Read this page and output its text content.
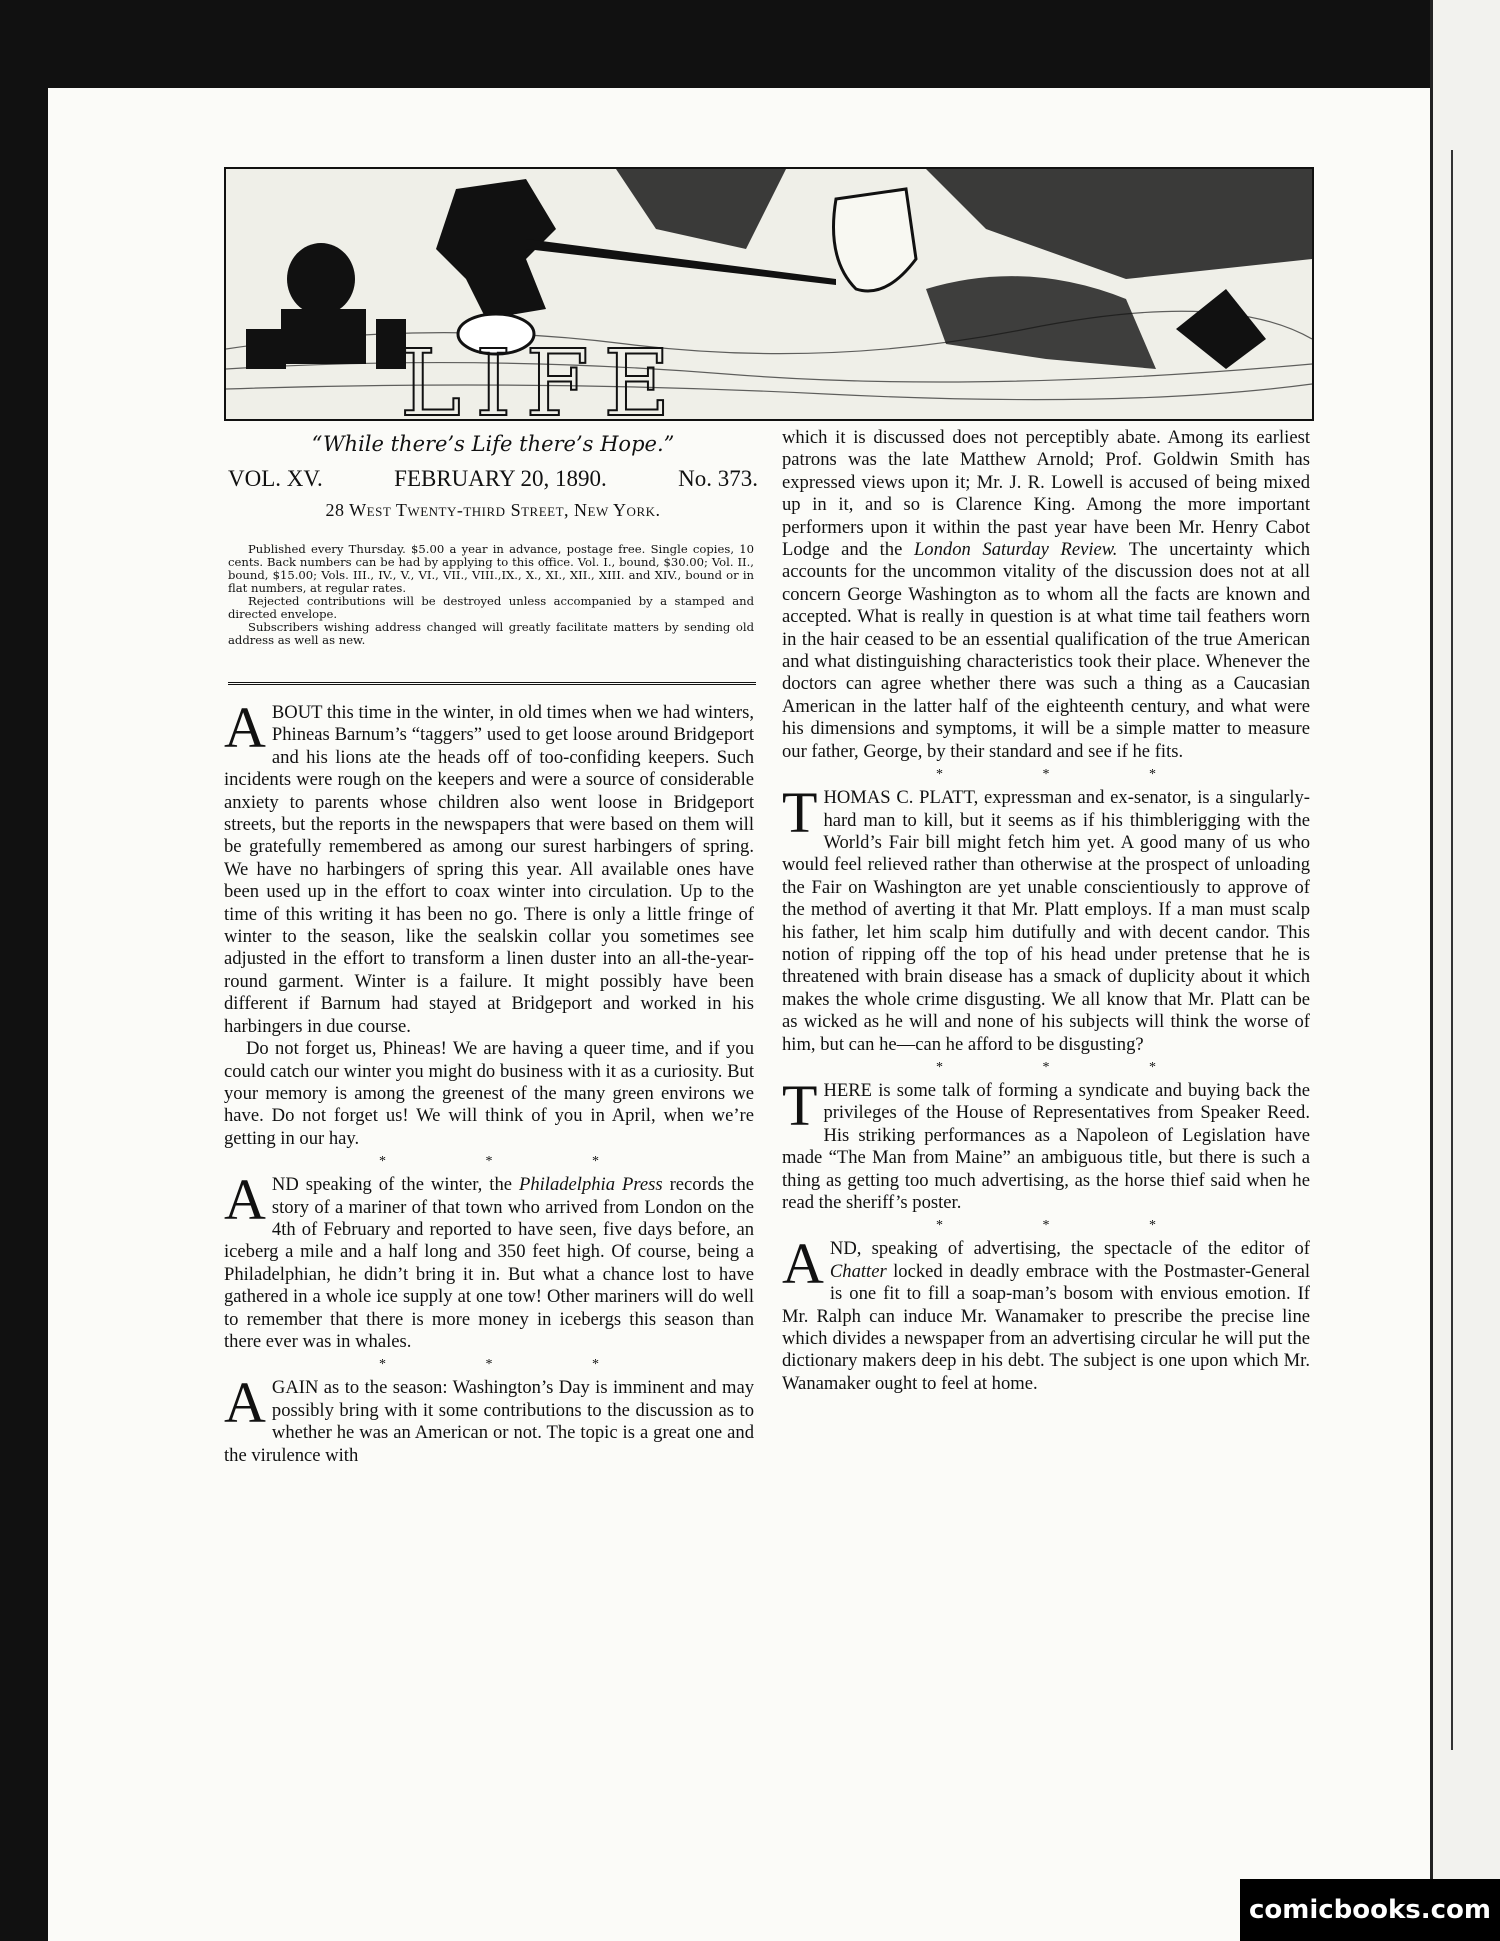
LIFE
“While there’s Life there’s Hope.”
VOL. XV.	FEBRUARY 20, 1890.	No. 373.
28 West Twenty-third Street, New York.

Published every Thursday. $5.00 a year in advance, postage free. Single copies, 10 cents. Back numbers can be had by applying to this office. Vol. I., bound, $30.00; Vol. II., bound, $15.00; Vols. III., IV., V., VI., VII., VIII.,IX., X., XI., XII., XIII. and XIV., bound or in flat numbers, at regular rates.

Rejected contributions will be destroyed unless accompanied by a stamped and directed envelope.

Subscribers wishing address changed will greatly facilitate matters by sending old address as well as new.

ABOUT this time in the winter, in old times when we had winters, Phineas Barnum’s “taggers” used to get loose around Bridgeport and his lions ate the heads off of too-confiding keepers. Such incidents were rough on the keepers and were a source of considerable anxiety to parents whose children also went loose in Bridgeport streets, but the reports in the newspapers that were based on them will be gratefully remembered as among our surest harbingers of spring. We have no harbingers of spring this year. All available ones have been used up in the effort to coax winter into circulation. Up to the time of this writing it has been no go. There is only a little fringe of winter to the season, like the sealskin collar you sometimes see adjusted in the effort to transform a linen duster into an all-the-year-round garment. Winter is a failure. It might possibly have been different if Barnum had stayed at Bridgeport and worked in his harbingers in due course.

Do not forget us, Phineas! We are having a queer time, and if you could catch our winter you might do business with it as a curiosity. But your memory is among the greenest of the many green environs we have. Do not forget us! We will think of you in April, when we’re getting in our hay.

* * *

AND speaking of the winter, the Philadelphia Press records the story of a mariner of that town who arrived from London on the 4th of February and reported to have seen, five days before, an iceberg a mile and a half long and 350 feet high. Of course, being a Philadelphian, he didn’t bring it in. But what a chance lost to have gathered in a whole ice supply at one tow! Other mariners will do well to remember that there is more money in icebergs this season than there ever was in whales.

* * *

AGAIN as to the season: Washington’s Day is imminent and may possibly bring with it some contributions to the discussion as to whether he was an American or not. The topic is a great one and the virulence with

which it is discussed does not perceptibly abate. Among its earliest patrons was the late Matthew Arnold; Prof. Goldwin Smith has expressed views upon it; Mr. J. R. Lowell is accused of being mixed up in it, and so is Clarence King. Among the more important performers upon it within the past year have been Mr. Henry Cabot Lodge and the London Saturday Review. The uncertainty which accounts for the uncommon vitality of the discussion does not at all concern George Washington as to whom all the facts are known and accepted. What is really in question is at what time tail feathers worn in the hair ceased to be an essential qualification of the true American and what distinguishing characteristics took their place. Whenever the doctors can agree whether there was such a thing as a Caucasian American in the latter half of the eighteenth century, and what were his dimensions and symptoms, it will be a simple matter to measure our father, George, by their standard and see if he fits.

* * *

THOMAS C. PLATT, expressman and ex-senator, is a singularly-hard man to kill, but it seems as if his thimblerigging with the World’s Fair bill might fetch him yet. A good many of us who would feel relieved rather than otherwise at the prospect of unloading the Fair on Washington are yet unable conscientiously to approve of the method of averting it that Mr. Platt employs. If a man must scalp his father, let him scalp him dutifully and with decent candor. This notion of ripping off the top of his head under pretense that he is threatened with brain disease has a smack of duplicity about it which makes the whole crime disgusting. We all know that Mr. Platt can be as wicked as he will and none of his subjects will think the worse of him, but can he—can he afford to be disgusting?

* * *

THERE is some talk of forming a syndicate and buying back the privileges of the House of Representatives from Speaker Reed. His striking performances as a Napoleon of Legislation have made “The Man from Maine” an ambiguous title, but there is such a thing as getting too much advertising, as the horse thief said when he read the sheriff’s poster.

* * *

AND, speaking of advertising, the spectacle of the editor of Chatter locked in deadly embrace with the Postmaster-General is one fit to fill a soap-man’s bosom with envious emotion. If Mr. Ralph can induce Mr. Wanamaker to prescribe the precise line which divides a newspaper from an advertising circular he will put the dictionary makers deep in his debt. The subject is one upon which Mr. Wanamaker ought to feel at home.

comicbooks.com
